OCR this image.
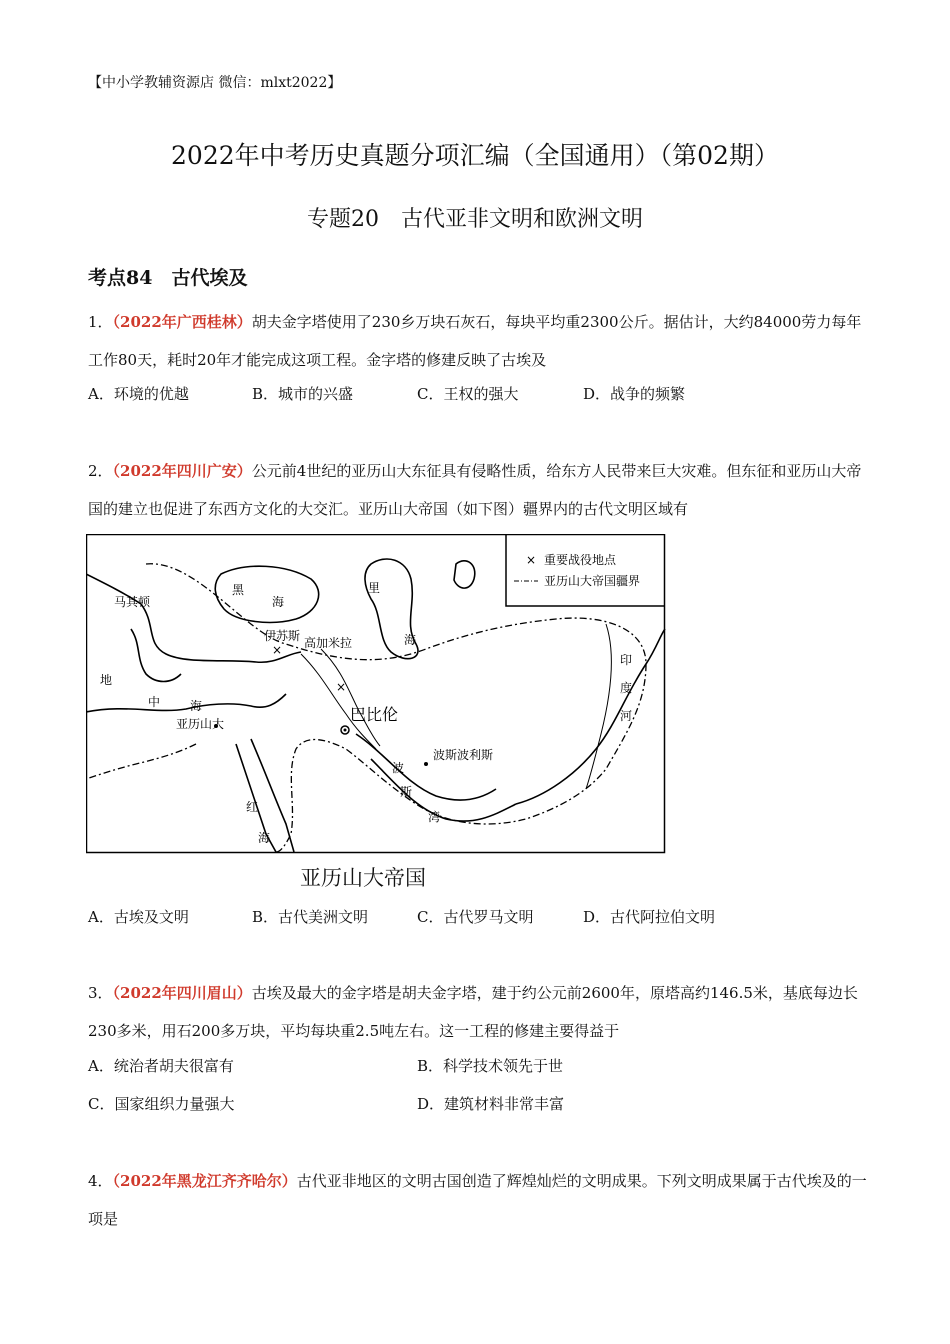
【中小学教辅资源店 微信：mlxt2022】
2022年中考历史真题分项汇编（全国通用）（第02期）
专题20　古代亚非文明和欧洲文明
考点84　古代埃及
1．（2022年广西桂林）胡夫金字塔使用了230乡万块石灰石，每块平均重2300公斤。据估计，大约84000劳力每年工作80天，耗时20年才能完成这项工程。金字塔的修建反映了古埃及
A．环境的优越	B．城市的兴盛	C．王权的强大	D．战争的频繁
2．（2022年四川广安）公元前4世纪的亚历山大东征具有侵略性质，给东方人民带来巨大灾难。但东征和亚历山大帝国的建立也促进了东西方文化的大交汇。亚历山大帝国（如下图）疆界内的古代文明区域有
× 重要战役地点
亚历山大帝国疆界
×
×
马其顿
黑
海
里
海
伊苏斯 高加米拉
巴比伦
亚历山大
地
中 海
波斯波利斯
波
斯
湾
红
海
印
度
河
亚历山大帝国
A．古埃及文明	B．古代美洲文明	C．古代罗马文明	D．古代阿拉伯文明
3．（2022年四川眉山）古埃及最大的金字塔是胡夫金字塔，建于约公元前2600年，原塔高约146.5米，基底每边长230多米，用石200多万块，平均每块重2.5吨左右。这一工程的修建主要得益于
A．统治者胡夫很富有	B．科学技术领先于世
C．国家组织力量强大	D．建筑材料非常丰富
4．（2022年黑龙江齐齐哈尔）古代亚非地区的文明古国创造了辉煌灿烂的文明成果。下列文明成果属于古代埃及的一项是
